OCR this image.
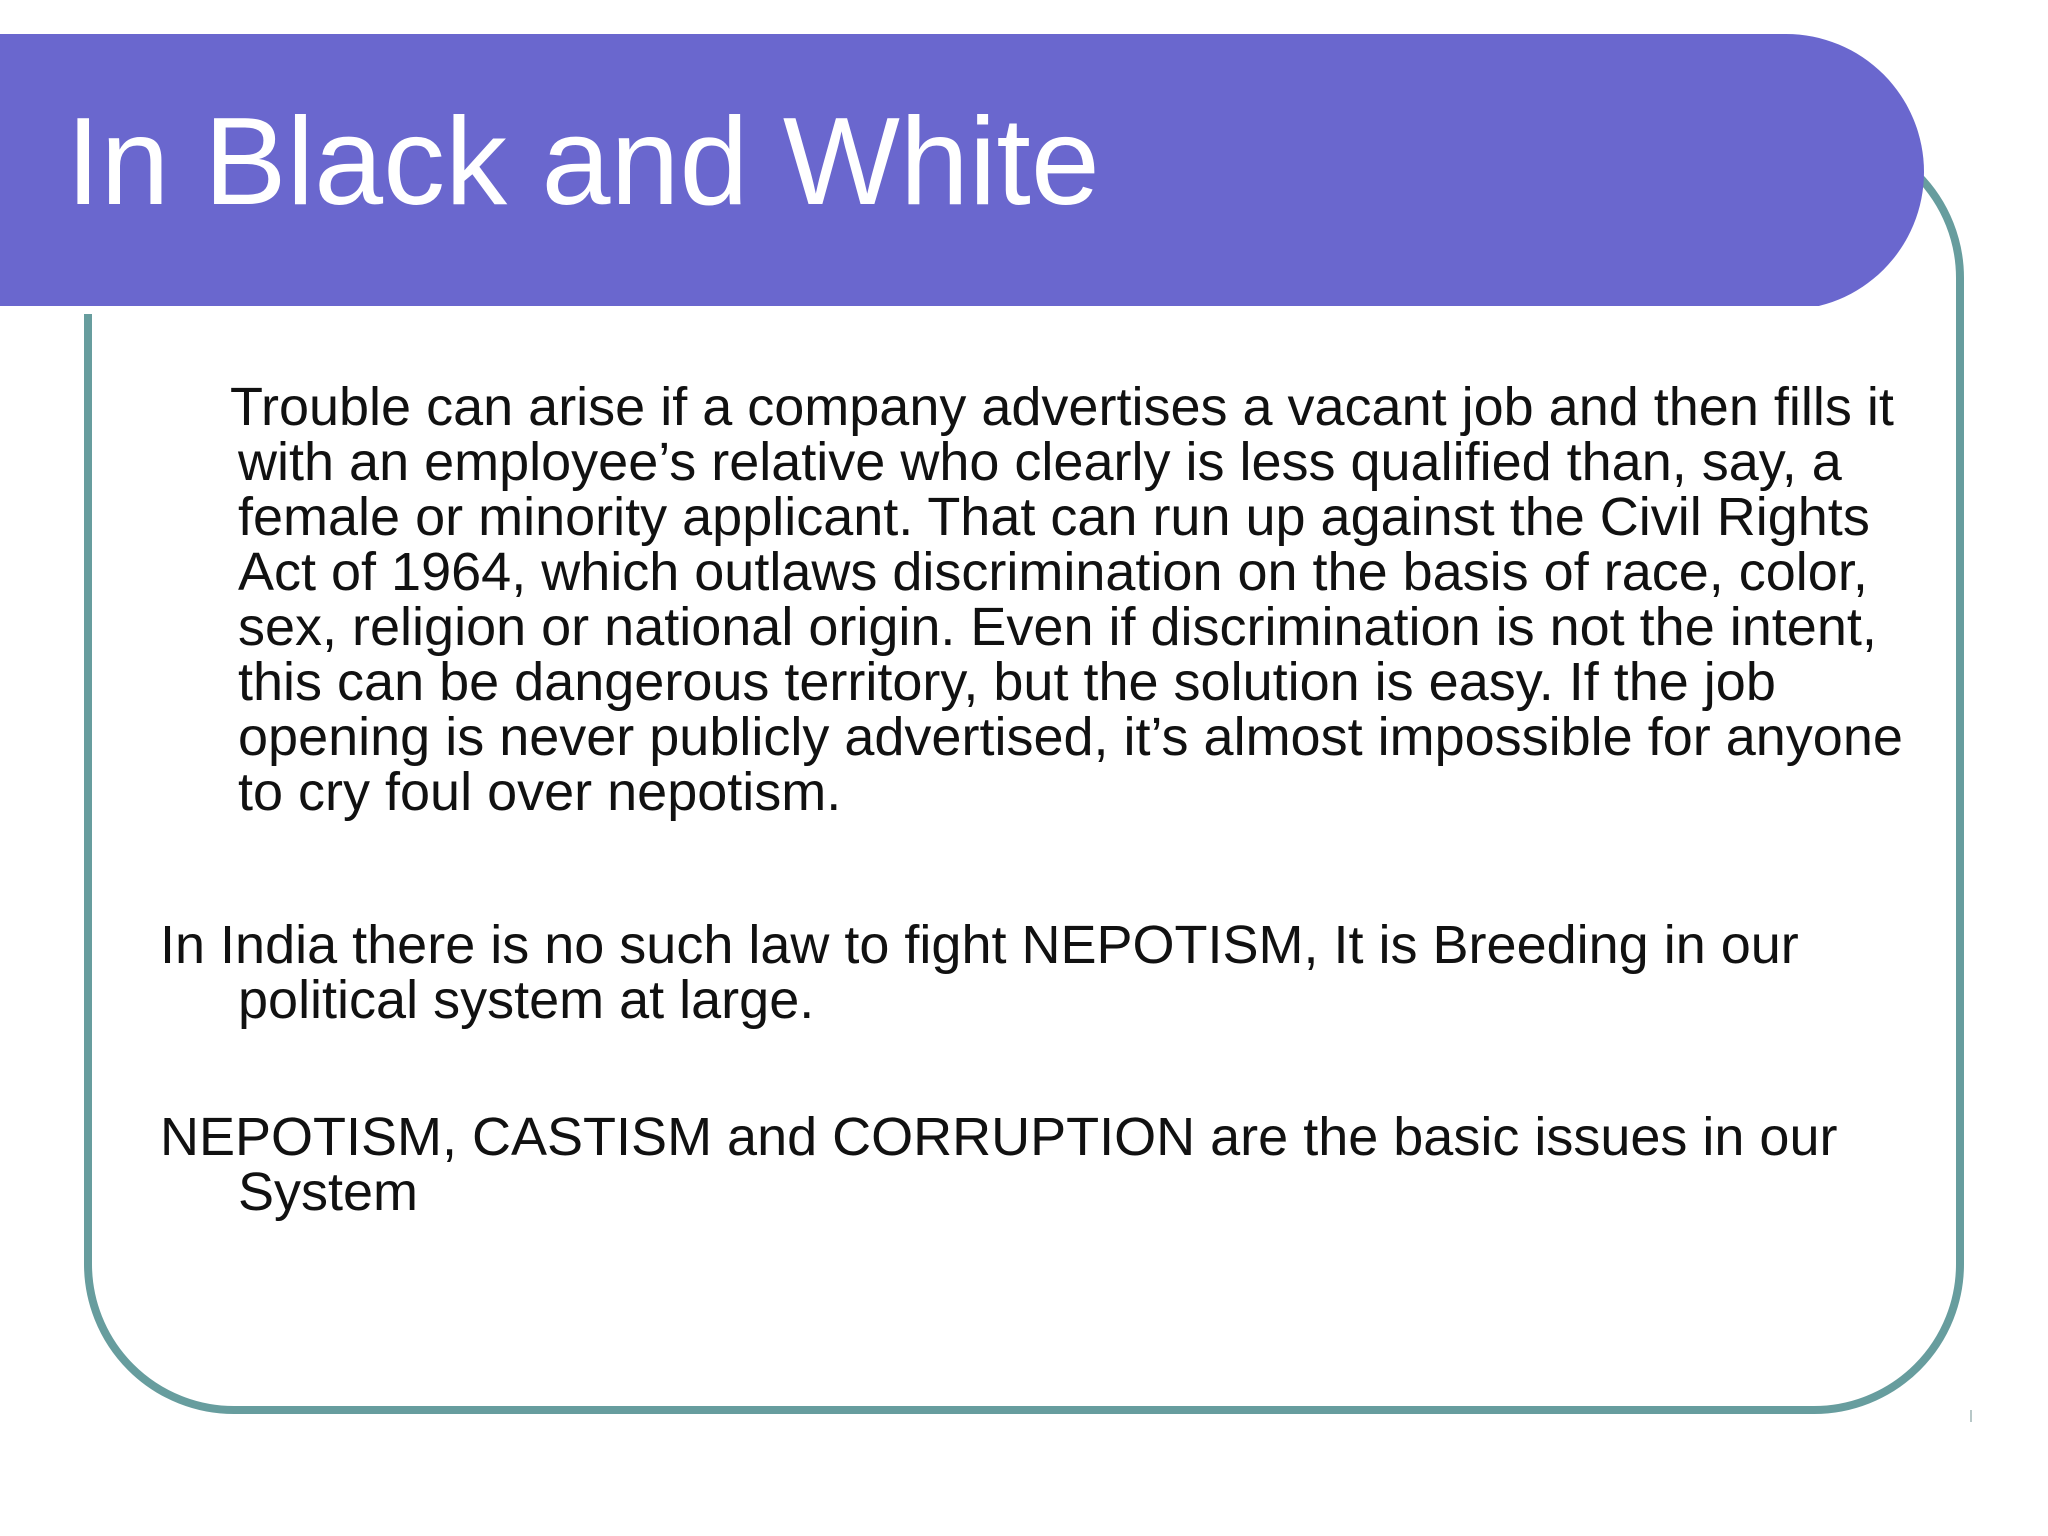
In Black and White

Trouble can arise if a company advertises a vacant job and then fills it with an employee’s relative who clearly is less qualified than, say, a female or minority applicant. That can run up against the Civil Rights Act of 1964, which outlaws discrimination on the basis of race, color, sex, religion or national origin. Even if discrimination is not the intent, this can be dangerous territory, but the solution is easy. If the job opening is never publicly advertised, it’s almost impossible for anyone to cry foul over nepotism.

In India there is no such law to fight NEPOTISM, It is Breeding in our political system at large.

NEPOTISM, CASTISM and CORRUPTION are the basic issues in our System
